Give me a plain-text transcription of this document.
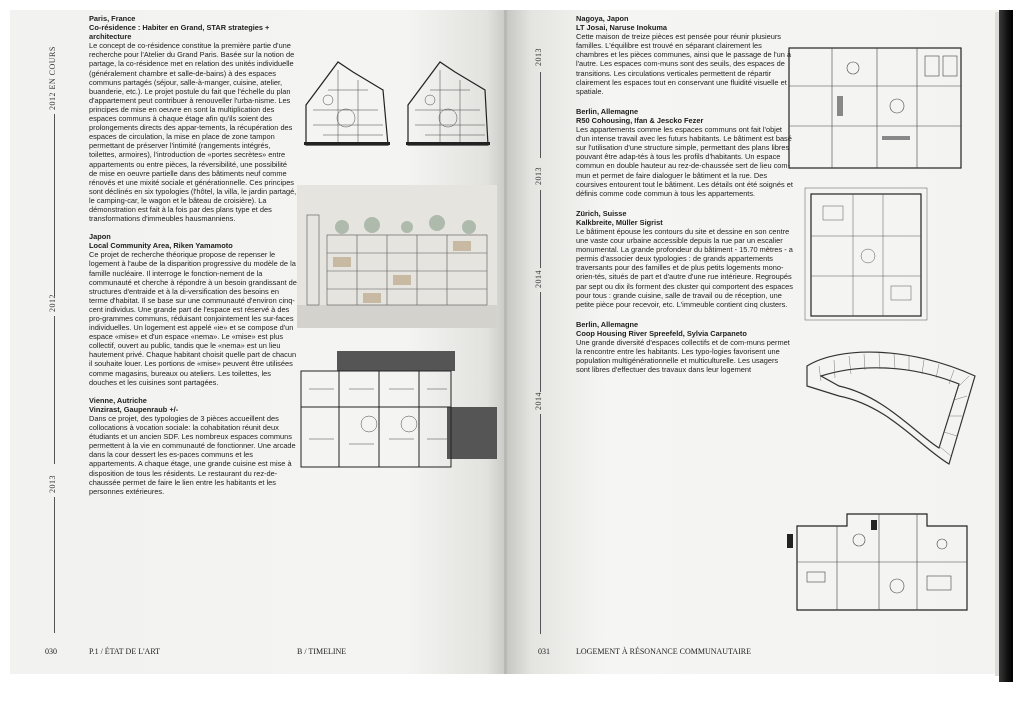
2012 EN COURS
2012
2013
Paris, France
Co-résidence : Habiter en Grand, STAR strategies + architecture
Le concept de co-résidence constitue la première partie d'une recherche pour l'Atelier du Grand Paris. Basée sur la notion de partage, la co-résidence met en relation des unités individuelle (généralement chambre et salle-de-bains) à des espaces communs partagés (séjour, salle-à-manger, cuisine, atelier, buanderie, etc.). Le projet postule du fait que l'échelle du plan d'appartement peut contribuer à renouveller l'urba-nisme. Les principes de mise en oeuvre en sont la multiplication des espaces communs à chaque étage afin qu'ils soient des prolongements directs des appar-tements, la récupération des espaces de circulation, la mise en place de zone tampon permettant de préserver l'intimité (rangements intégrés, toilettes, armoires), l'introduction de «portes secrètes» entre appartements ou entre pièces, la réversibilité, une possibilité de mise en oeuvre partielle dans des bâtiments neuf comme rénovés et une mixité sociale et générationnelle. Ces principes sont déclinés en six typologies (l'hôtel, la villa, le jardin partagé, le camping-car, le wagon et le bâteau de croisière). La démonstration est fait à la fois par des plans type et des transformations d'immeubles hausmanniens.
Japon
Local Community Area, Riken Yamamoto
Ce projet de recherche théorique propose de repenser le logement à l'aube de la disparition progressive du modèle de la famille nucléaire. Il interroge le fonction-nement de la communauté et cherche à répondre à un besoin grandissant de structures d'entraide et à la di-versification des besoins en terme d'habitat. Il se base sur une communauté d'environ cinq-cent individus. Une grande part de l'espace est réservé à des pro-grammes communs, réduisant conjointement les sur-faces individuelles. Un logement est appelé «ie» et se compose d'un espace «mise» et d'un espace «nema». Le «mise» est plus collectif, ouvert au public, tandis que le «nema» est un lieu hautement privé. Chaque habitant choisit quelle part de chacun il souhaite louer. Les portions de «mise» peuvent être utilisées comme magasins, bureaux ou ateliers. Les toilettes, les douches et les cuisines sont partagées.
Vienne, Autriche
Vinzirast, Gaupenraub +/-
Dans ce projet, des typologies de 3 pièces accueillent des collocations à vocation sociale: la cohabitation réunit deux étudiants et un ancien SDF. Les nombreux espaces communs permettent à la vie en communauté de fonctionner. Une arcade dans la cour dessert les es-paces communs et les appartements. A chaque étage, une grande cuisine est mise à disposition de tous les résidents. Le restaurant du rez-de-chaussée permet de faire le lien entre les habitants et les personnes extérieures.
030	P.1 / ÉTAT DE L'ART	B / TIMELINE
2013
2013
2014
2014
Nagoya, Japon
LT Josai, Naruse Inokuma
Cette maison de treize pièces est pensée pour réunir plusieurs familles. L'équilibre est trouvé en séparant clairement les chambres et les pièces communes, ainsi que le passage de l'un à l'autre. Les espaces com-muns sont des seuils, des espaces de transitions. Les circulations verticales permettent de répartir clairement les espaces tout en conservant une fluidité visuelle et spatiale.
Berlin, Allemagne
R50 Cohousing, Ifan & Jescko Fezer
Les appartements comme les espaces communs ont fait l'objet d'un intense travail avec les futurs habitants. Le bâtiment est basé sur l'utilisation d'une structure simple, permettant des plans libres pouvant être adap-tés à tous les profils d'habitants. Un espace commun en double hauteur au rez-de-chaussée sert de lieu com-mun et permet de faire dialoguer le bâtiment et la rue. Des coursives entourent tout le bâtiment. Les détails ont été soignés et définis comme code commun à tous les appartements.
Zürich, Suisse
Kalkbreite, Müller Sigrist
Le bâtiment épouse les contours du site et dessine en son centre une vaste cour urbaine accessible depuis la rue par un escalier monumental. La grande profondeur du bâtiment - 15.70 mètres - a permis d'associer deux typologies : de grands appartements traversants pour des familles et de plus petits logements mono-orien-tés, situés de part et d'autre d'une rue intérieure. Regroupés par sept ou dix ils forment des cluster qui comportent des espaces pour tous : grande cuisine, salle de travail ou de réception, une petite pièce pour recevoir, etc. L'immeuble contient cinq clusters.
Berlin, Allemagne
Coop Housing River Spreefeld, Sylvia Carpaneto
Une grande diversité d'espaces collectifs et de com-muns permet la rencontre entre les habitants. Les typo-logies favorisent une population multigénérationnelle et multiculturelle. Les usagers sont libres d'effectuer des travaux dans leur logement
031	LOGEMENT À RÉSONANCE COMMUNAUTAIRE
